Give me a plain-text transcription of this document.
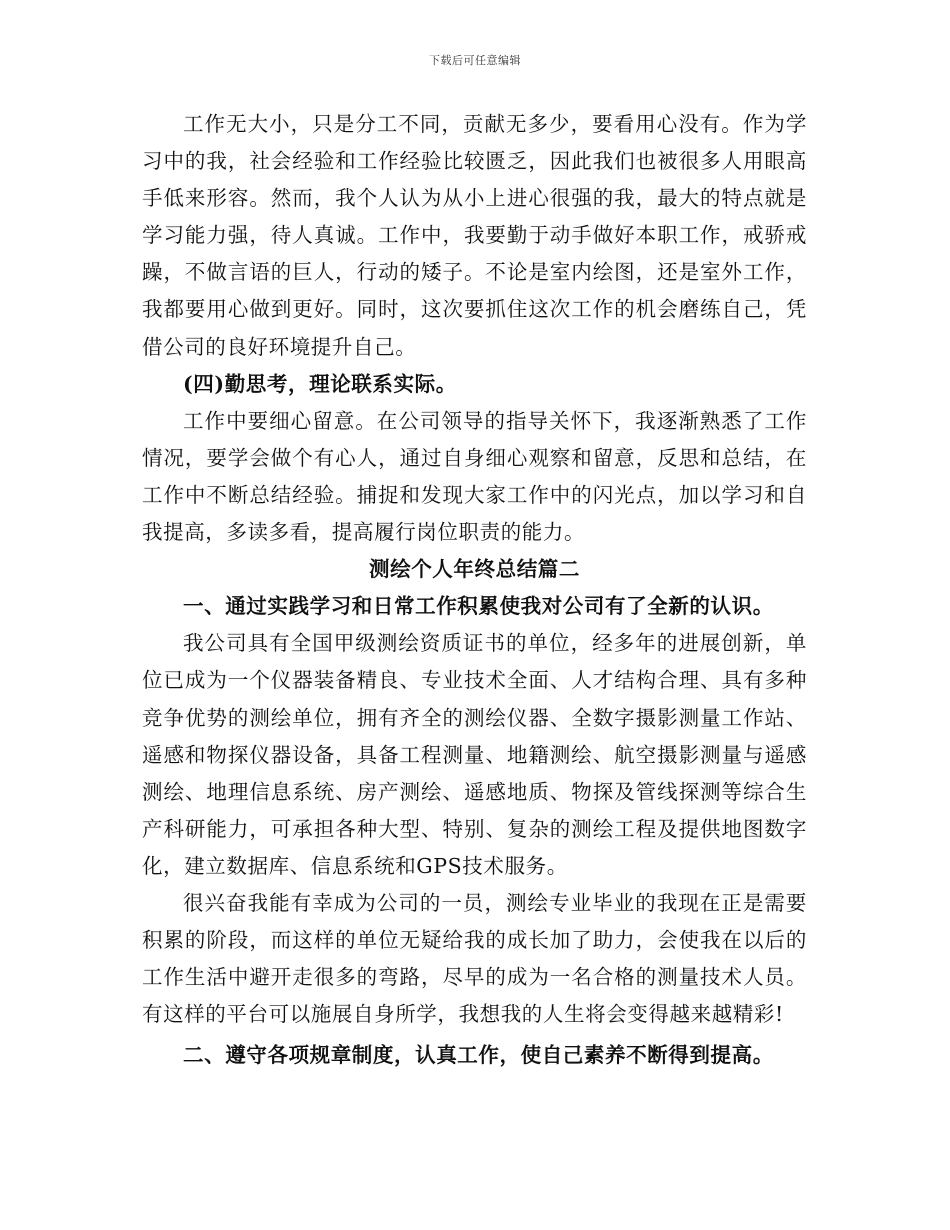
下载后可任意编辑

工作无大小，只是分工不同，贡献无多少，要看用心没有。作为学习中的我，社会经验和工作经验比较匮乏，因此我们也被很多人用眼高手低来形容。然而，我个人认为从小上进心很强的我，最大的特点就是学习能力强，待人真诚。工作中，我要勤于动手做好本职工作，戒骄戒躁，不做言语的巨人，行动的矮子。不论是室内绘图，还是室外工作，我都要用心做到更好。同时，这次要抓住这次工作的机会磨练自己，凭借公司的良好环境提升自己。

(四)勤思考，理论联系实际。

工作中要细心留意。在公司领导的指导关怀下，我逐渐熟悉了工作情况，要学会做个有心人，通过自身细心观察和留意，反思和总结，在工作中不断总结经验。捕捉和发现大家工作中的闪光点，加以学习和自我提高，多读多看，提高履行岗位职责的能力。

测绘个人年终总结篇二

一、通过实践学习和日常工作积累使我对公司有了全新的认识。

我公司具有全国甲级测绘资质证书的单位，经多年的进展创新，单位已成为一个仪器装备精良、专业技术全面、人才结构合理、具有多种竞争优势的测绘单位，拥有齐全的测绘仪器、全数字摄影测量工作站、遥感和物探仪器设备，具备工程测量、地籍测绘、航空摄影测量与遥感测绘、地理信息系统、房产测绘、遥感地质、物探及管线探测等综合生产科研能力，可承担各种大型、特别、复杂的测绘工程及提供地图数字化，建立数据库、信息系统和GPS技术服务。

很兴奋我能有幸成为公司的一员，测绘专业毕业的我现在正是需要积累的阶段，而这样的单位无疑给我的成长加了助力，会使我在以后的工作生活中避开走很多的弯路，尽早的成为一名合格的测量技术人员。有这样的平台可以施展自身所学，我想我的人生将会变得越来越精彩!

二、遵守各项规章制度，认真工作，使自己素养不断得到提高。
